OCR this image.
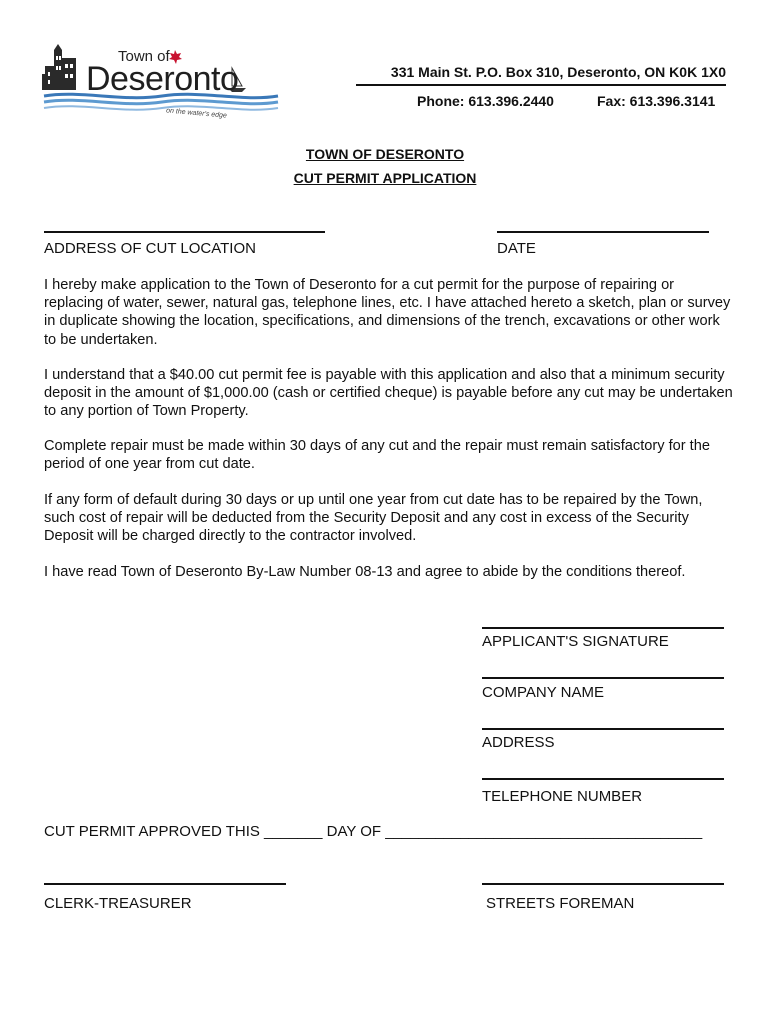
Town of
Deseronto
on the water's edge
331 Main St. P.O. Box 310, Deseronto, ON K0K 1X0
Phone: 613.396.2440	Fax: 613.396.3141
TOWN OF DESERONTO
CUT PERMIT APPLICATION
ADDRESS OF CUT LOCATION	DATE
I hereby make application to the Town of Deseronto for a cut permit for the purpose of repairing or replacing of water, sewer, natural gas, telephone lines, etc. I have attached hereto a sketch, plan or survey in duplicate showing the location, specifications, and dimensions of the trench, excavations or other work to be undertaken.
I understand that a $40.00 cut permit fee is payable with this application and also that a minimum security deposit in the amount of $1,000.00 (cash or certified cheque) is payable before any cut may be undertaken to any portion of Town Property.
Complete repair must be made within 30 days of any cut and the repair must remain satisfactory for the period of one year from cut date.
If any form of default during 30 days or up until one year from cut date has to be repaired by the Town, such cost of repair will be deducted from the Security Deposit and any cost in excess of the Security Deposit will be charged directly to the contractor involved.
I have read Town of Deseronto By-Law Number 08-13 and agree to abide by the conditions thereof.
APPLICANT'S SIGNATURE
COMPANY NAME
ADDRESS
TELEPHONE NUMBER
CUT PERMIT APPROVED THIS _______ DAY OF ______________________________________
CLERK-TREASURER	STREETS FOREMAN
